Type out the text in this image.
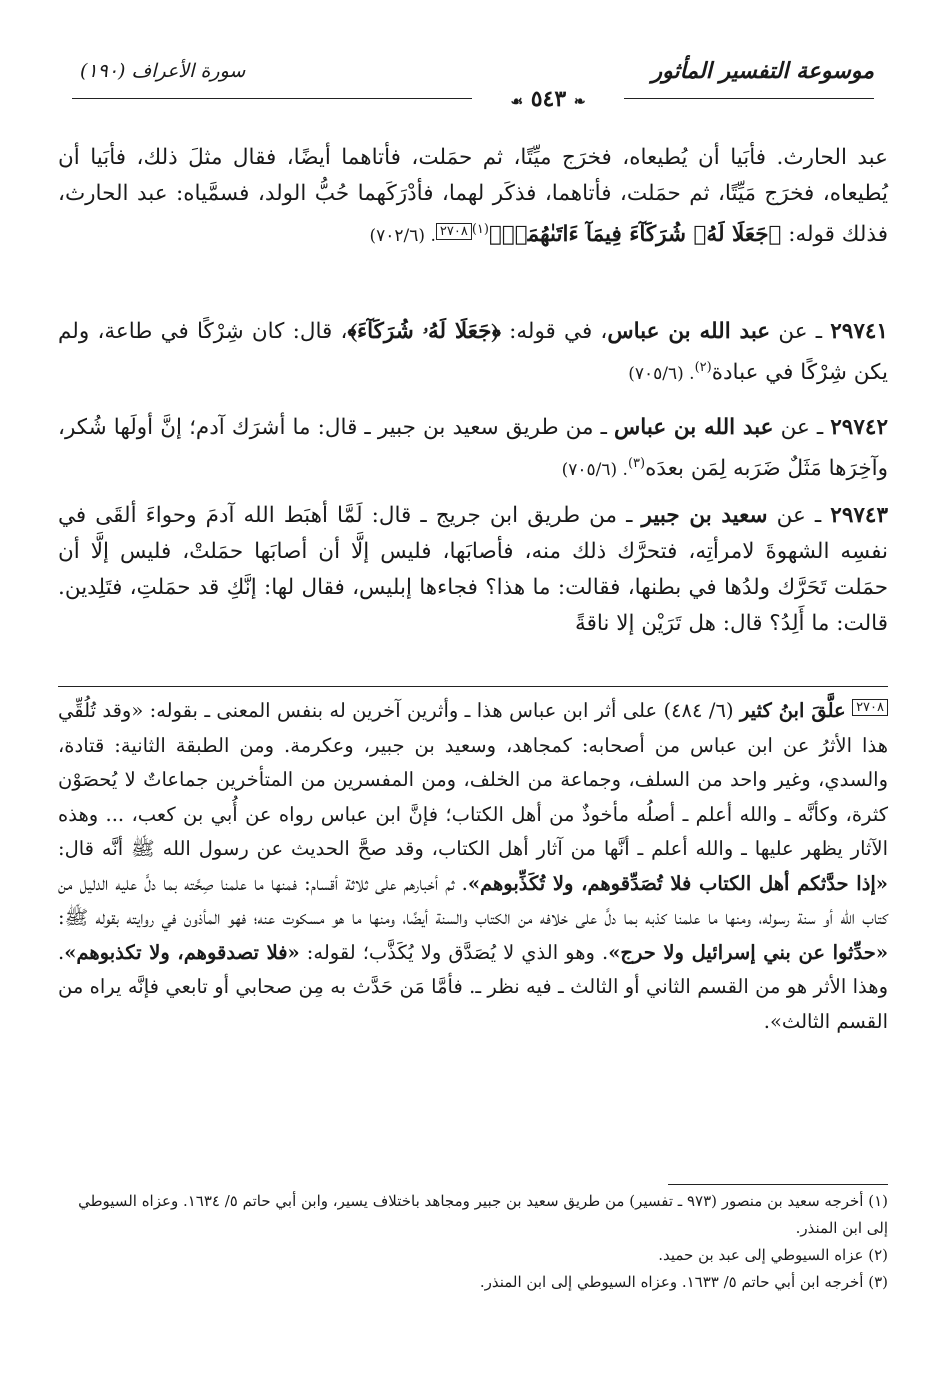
موسوعة التفسير المأثور
سورة الأعراف (١٩٠)
❧ ٥٤٣ ☙
عبد الحارث. فأبَيا أن يُطيعاه، فخرَج ميِّتًا، ثم حمَلت، فأتاهما أيضًا، فقال مثلَ ذلك، فأبَيا أن يُطيعاه، فخرَج مَيِّتًا، ثم حمَلت، فأتاهما، فذكَر لهما، فأدْرَكَهما حُبُّ الولد، فسمَّياه: عبد الحارث، فذلك قوله: ﴿جَعَلَا لَهُۥ شُرَكَآءَ فِيمَآ ءَاتَىٰهُمَاۚ﴾$^{(١)}$٢٧٠٨. (٧٠٢/٦)
٢٩٧٤١ ـ عن عبد الله بن عباس، في قوله: ﴿جَعَلَا لَهُۥ شُرَكَآءَ﴾، قال: كان شِرْكًا في طاعة، ولم يكن شِرْكًا في عبادة$^{(٢)}$. (٧٠٥/٦)
٢٩٧٤٢ ـ عن عبد الله بن عباس ـ من طريق سعيد بن جبير ـ قال: ما أشرَك آدم؛ إنَّ أولَها شُكر، وآخِرَها مَثَلٌ ضَرَبه لِمَن بعدَه$^{(٣)}$. (٧٠٥/٦)
٢٩٧٤٣ ـ عن سعيد بن جبير ـ من طريق ابن جريج ـ قال: لَمَّا أهبَط الله آدمَ وحواءَ ألقَى في نفسِه الشهوةَ لامرأتِه، فتحرَّك ذلك منه، فأصابَها، فليس إلَّا أن أصابَها حمَلتْ، فليس إلَّا أن حمَلت تَحَرَّك ولدُها في بطنها، فقالت: ما هذا؟ فجاءها إبليس، فقال لها: إنَّكِ قد حمَلتِ، فتَلِدين. قالت: ما أَلِدُ؟ قال: هل تَرَيْن إلا ناقةً
٢٧٠٨ علَّقَ ابنُ كثير (٦/ ٤٨٤) على أثر ابن عباس هذا ـ وأثرين آخرين له بنفس المعنى ـ بقوله: «وقد تُلُقِّي هذا الأثرُ عن ابن عباس من أصحابه: كمجاهد، وسعيد بن جبير، وعكرمة. ومن الطبقة الثانية: قتادة، والسدي، وغير واحد من السلف، وجماعة من الخلف، ومن المفسرين من المتأخرين جماعاتٌ لا يُحصَوْن كثرة، وكأنَّه ـ والله أعلم ـ أصلُه مأخوذٌ من أهل الكتاب؛ فإنَّ ابن عباس رواه عن أُبي بن كعب، ... وهذه الآثار يظهر عليها ـ والله أعلم ـ أنَّها من آثار أهل الكتاب، وقد صحَّ الحديث عن رسول الله ﷺ أنَّه قال: «إذا حدَّثكم أهل الكتاب فلا تُصَدِّقوهم، ولا تُكَذِّبوهم». ثم أخبارهم على ثلاثة أقسام: فمنها ما علمنا صِحَّته بما دلَّ عليه الدليل من كتاب الله أو سنة رسوله، ومنها ما علمنا كذبه بما دلَّ على خلافه من الكتاب والسنة أيضًا، ومنها ما هو مسكوت عنه؛ فهو المأذون في روايته بقوله ﷺ: «حدِّثوا عن بني إسرائيل ولا حرج». وهو الذي لا يُصَدَّق ولا يُكَذَّب؛ لقوله: «فلا تصدقوهم، ولا تكذبوهم». وهذا الأثر هو من القسم الثاني أو الثالث ـ فيه نظر ـ. فأمَّا مَن حَدَّث به مِن صحابي أو تابعي فإنَّه يراه من القسم الثالث».
(١) أخرجه سعيد بن منصور (٩٧٣ ـ تفسير) من طريق سعيد بن جبير ومجاهد باختلاف يسير، وابن أبي حاتم ٥/ ١٦٣٤. وعزاه السيوطي إلى ابن المنذر.
(٢) عزاه السيوطي إلى عبد بن حميد.
(٣) أخرجه ابن أبي حاتم ٥/ ١٦٣٣. وعزاه السيوطي إلى ابن المنذر.
